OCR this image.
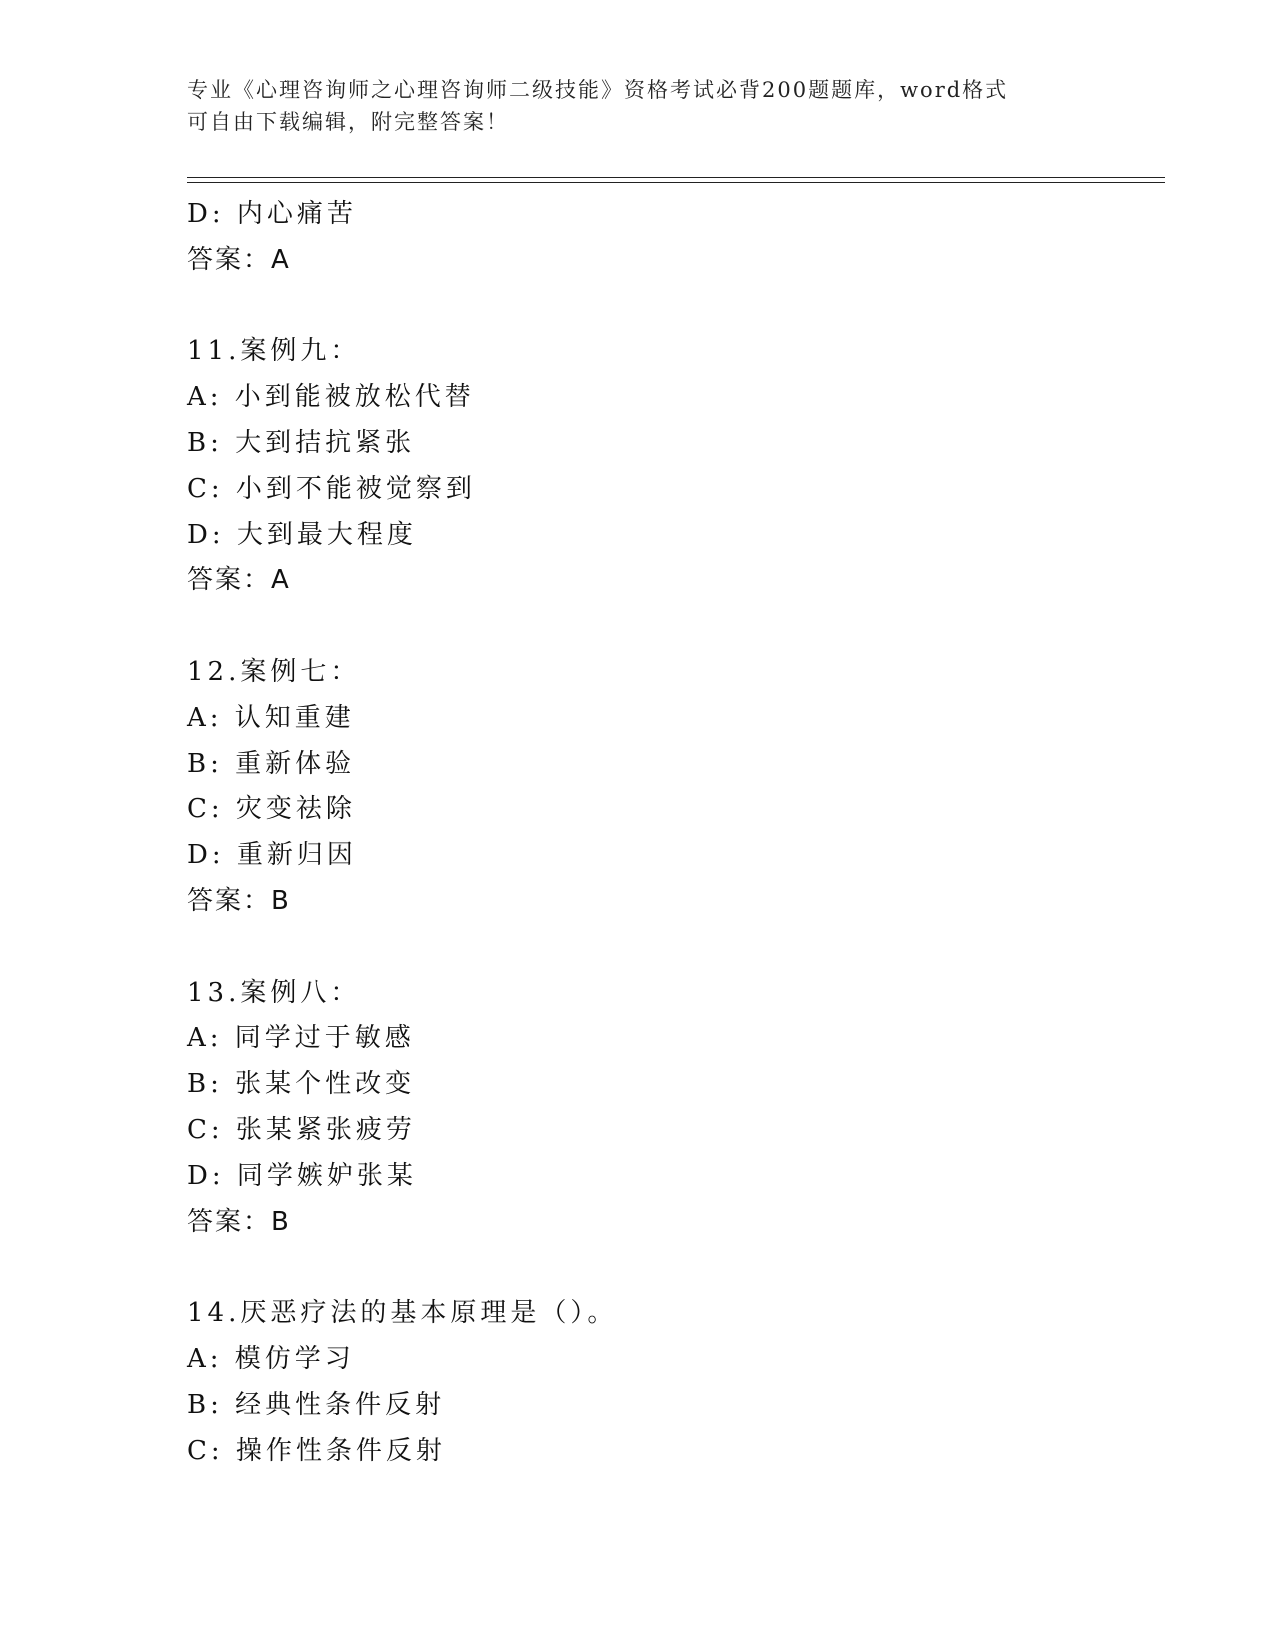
专业《心理咨询师之心理咨询师二级技能》资格考试必背200题题库，word格式
可自由下载编辑，附完整答案！
D: 内心痛苦
答案：A
11.案例九：
A: 小到能被放松代替
B: 大到拮抗紧张
C: 小到不能被觉察到
D: 大到最大程度
答案：A
12.案例七：
A: 认知重建
B: 重新体验
C: 灾变祛除
D: 重新归因
答案：B
13.案例八：
A: 同学过于敏感
B: 张某个性改变
C: 张某紧张疲劳
D: 同学嫉妒张某
答案：B
14.厌恶疗法的基本原理是（）。
A: 模仿学习
B: 经典性条件反射
C: 操作性条件反射
